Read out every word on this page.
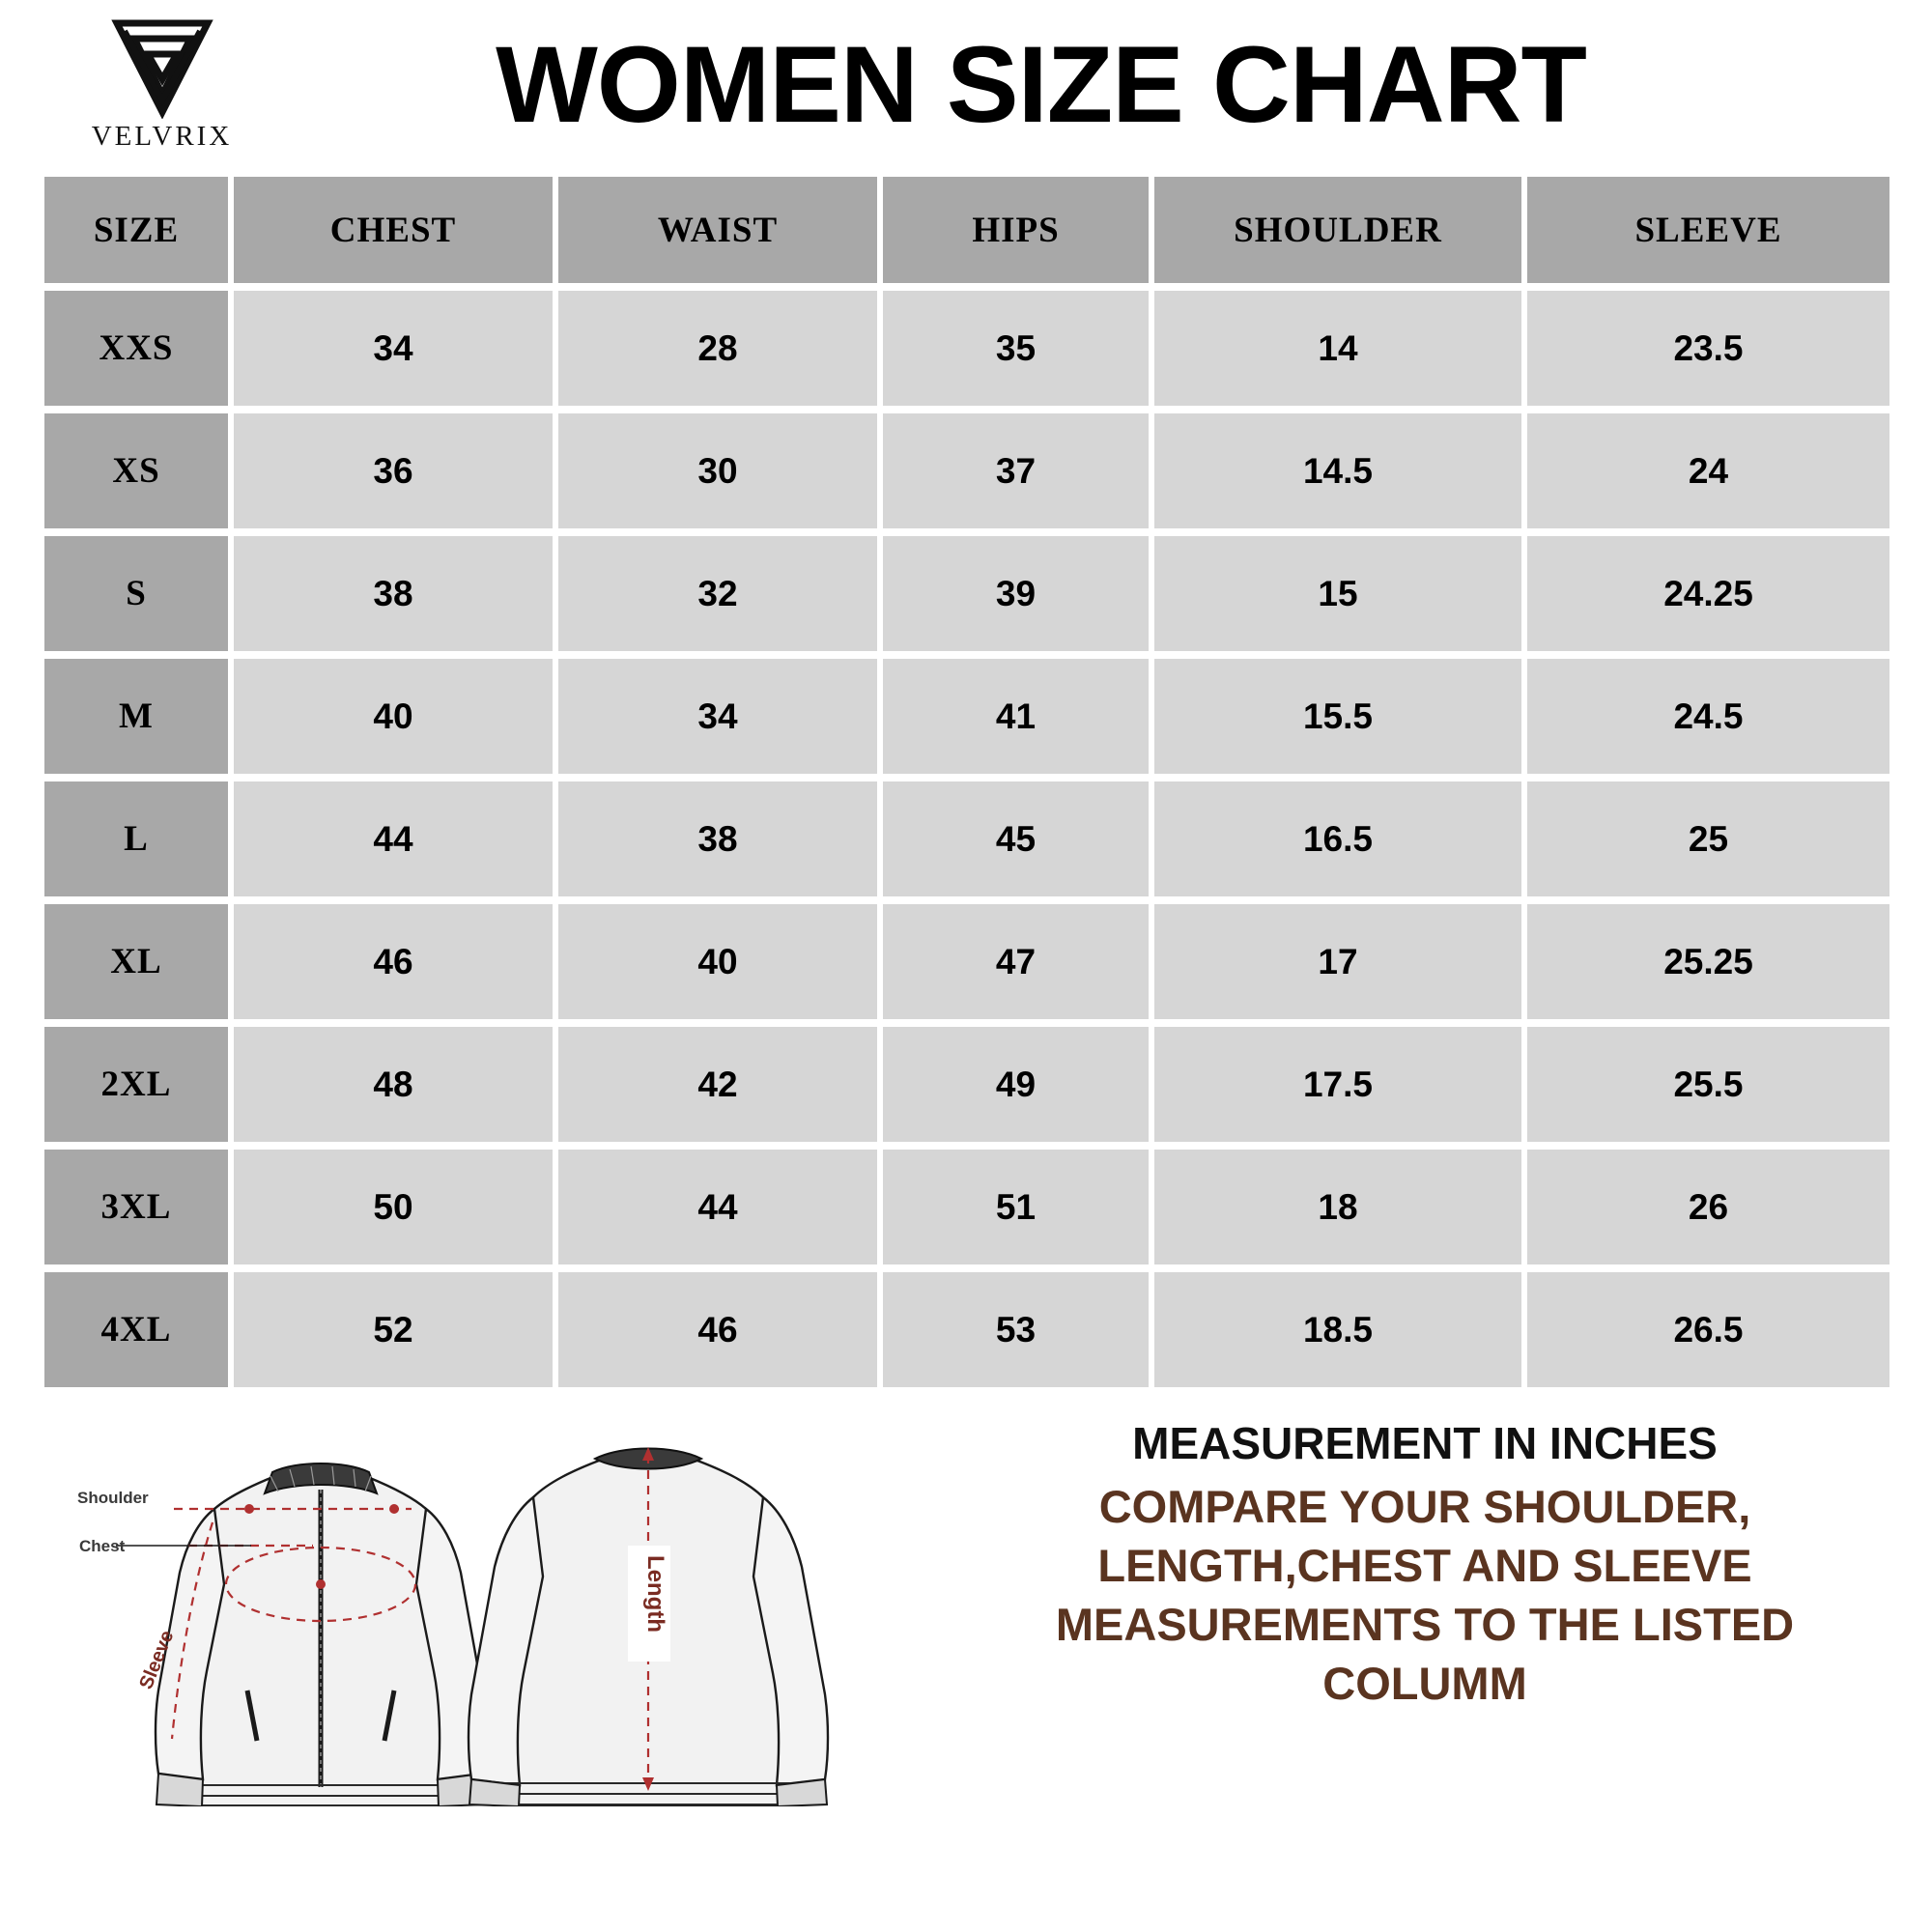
VELVRIX	WOMEN SIZE CHART
SIZE	CHEST	WAIST	HIPS	SHOULDER	SLEEVE
XXS	34	28	35	14	23.5
XS	36	30	37	14.5	24
S	38	32	39	15	24.25
M	40	34	41	15.5	24.5
L	44	38	45	16.5	25
XL	46	40	47	17	25.25
2XL	48	42	49	17.5	25.5
3XL	50	44	51	18	26
4XL	52	46	53	18.5	26.5
Shoulder
Chest
Sleeve
Length
MEASUREMENT IN INCHES
COMPARE YOUR SHOULDER, LENGTH,CHEST AND SLEEVE MEASUREMENTS TO THE LISTED COLUMM
